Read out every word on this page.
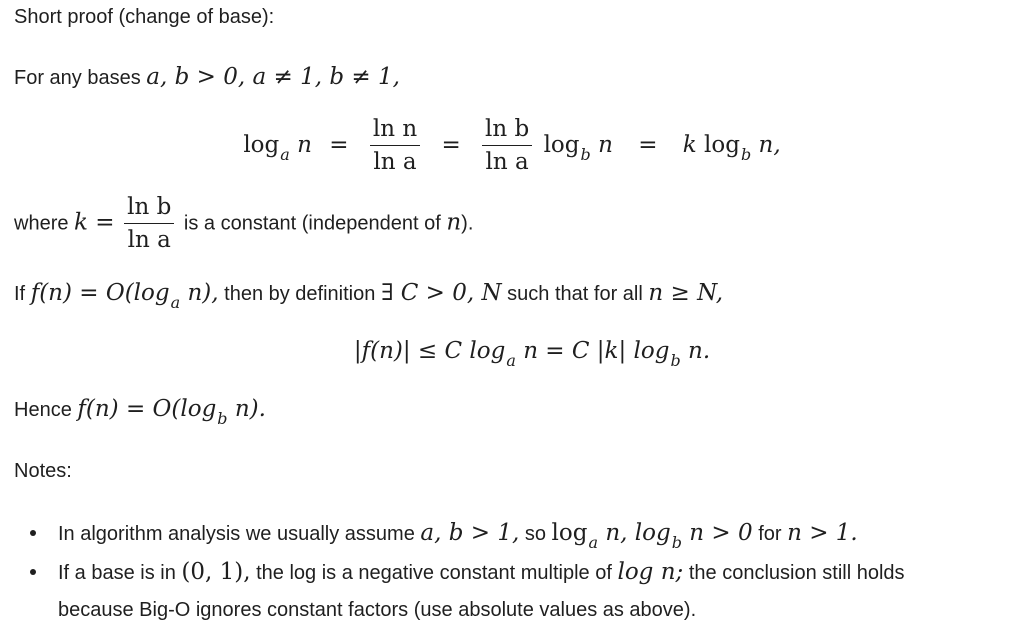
Short proof (change of base):
For any bases a, b > 0, a ≠ 1, b ≠ 1,
$\log_a n = \frac{\text{ln n}}{\text{ln a}} = \frac{\text{ln b}}{\text{ln a}} \log_b n = k$ $\log_b n$,
where $k = \frac{\text{ln b}}{\text{ln a}}$ is a constant (independent of n).
If $f(n) = O(\log_a$ n), then by definition ∃ C > 0, N such that for all n ≥ N,
|f(n)| ≤ C $\log_a n = C$ |k| $\log_b n$.
Hence $f(n) = O(\log_b$ n).
Notes:
In algorithm analysis we usually assume a, b > 1, so $\log_a n$, $\log_b n > 0$ for n > 1.
If a base is in (0, 1), the log is a negative constant multiple of log n; the conclusion still holds
because Big-O ignores constant factors (use absolute values as above).
